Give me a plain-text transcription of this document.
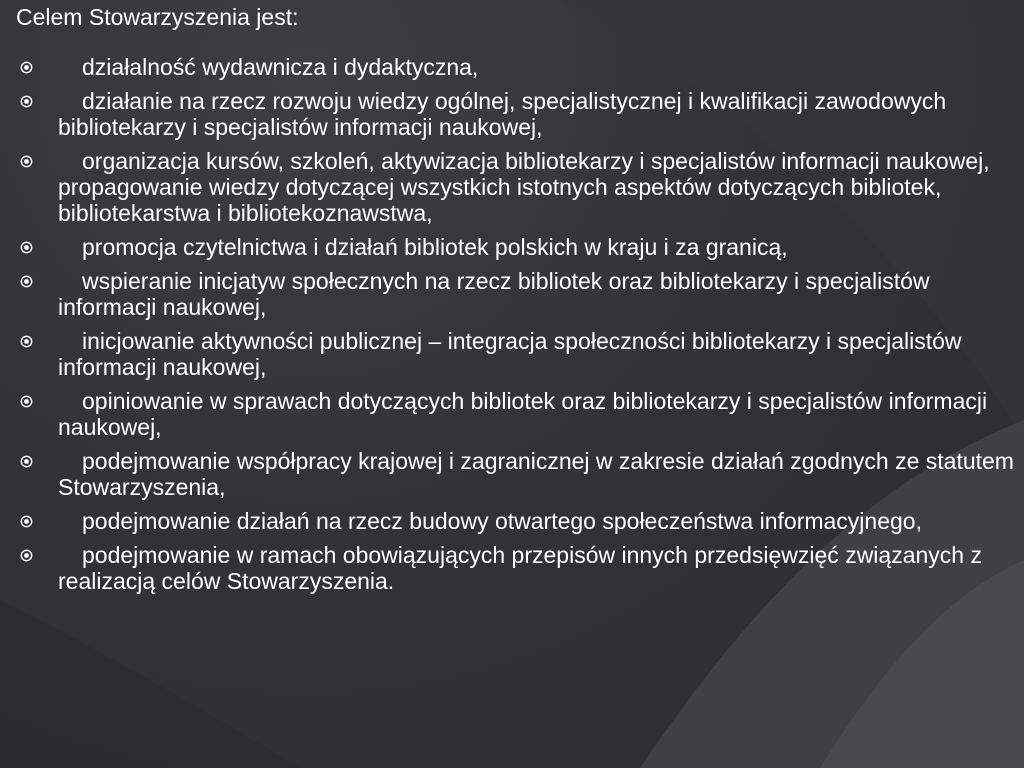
Celem Stowarzyszenia jest:
działalność wydawnicza i dydaktyczna,
działanie na rzecz rozwoju wiedzy ogólnej, specjalistycznej i kwalifikacji zawodowych bibliotekarzy i specjalistów informacji naukowej,
organizacja kursów, szkoleń, aktywizacja bibliotekarzy i specjalistów informacji naukowej, propagowanie wiedzy dotyczącej wszystkich istotnych aspektów dotyczących bibliotek, bibliotekarstwa i bibliotekoznawstwa,
promocja czytelnictwa i działań bibliotek polskich w kraju i za granicą,
wspieranie inicjatyw społecznych na rzecz bibliotek oraz bibliotekarzy i specjalistów informacji naukowej,
inicjowanie aktywności publicznej – integracja społeczności bibliotekarzy i specjalistów informacji naukowej,
opiniowanie w sprawach dotyczących bibliotek oraz bibliotekarzy i specjalistów informacji naukowej,
podejmowanie współpracy krajowej i zagranicznej w zakresie działań zgodnych ze statutem Stowarzyszenia,
podejmowanie działań na rzecz budowy otwartego społeczeństwa informacyjnego,
podejmowanie w ramach obowiązujących przepisów innych przedsięwzięć związanych z realizacją celów Stowarzyszenia.
